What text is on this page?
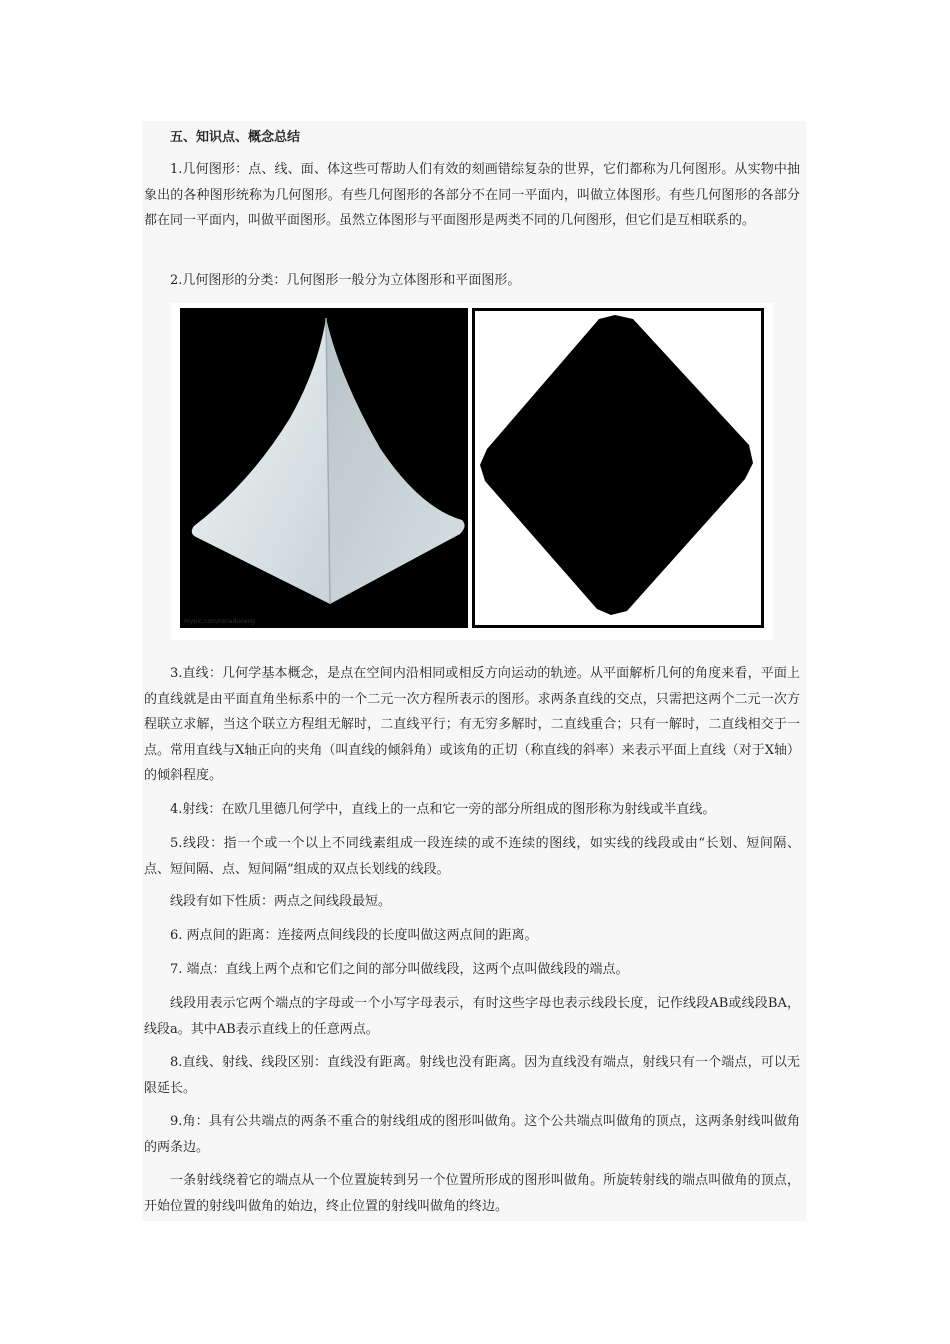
五、知识点、概念总结

1.几何图形：点、线、面、体这些可帮助人们有效的刻画错综复杂的世界，它们都称为几何图形。从实物中抽象出的各种图形统称为几何图形。有些几何图形的各部分不在同一平面内，叫做立体图形。有些几何图形的各部分都在同一平面内，叫做平面图形。虽然立体图形与平面图形是两类不同的几何图形，但它们是互相联系的。

2.几何图形的分类：几何图形一般分为立体图形和平面图形。

mypic.com/renaduoeng

3.直线：几何学基本概念，是点在空间内沿相同或相反方向运动的轨迹。从平面解析几何的角度来看，平面上的直线就是由平面直角坐标系中的一个二元一次方程所表示的图形。求两条直线的交点，只需把这两个二元一次方程联立求解，当这个联立方程组无解时，二直线平行；有无穷多解时，二直线重合；只有一解时，二直线相交于一点。常用直线与X轴正向的夹角（叫直线的倾斜角）或该角的正切（称直线的斜率）来表示平面上直线（对于X轴）的倾斜程度。

4.射线：在欧几里德几何学中，直线上的一点和它一旁的部分所组成的图形称为射线或半直线。

5.线段：指一个或一个以上不同线素组成一段连续的或不连续的图线，如实线的线段或由“长划、短间隔、点、短间隔、点、短间隔”组成的双点长划线的线段。

线段有如下性质：两点之间线段最短。

6. 两点间的距离：连接两点间线段的长度叫做这两点间的距离。

7. 端点：直线上两个点和它们之间的部分叫做线段，这两个点叫做线段的端点。

线段用表示它两个端点的字母或一个小写字母表示，有时这些字母也表示线段长度，记作线段AB或线段BA，线段a。其中AB表示直线上的任意两点。

8.直线、射线、线段区别：直线没有距离。射线也没有距离。因为直线没有端点，射线只有一个端点，可以无限延长。

9.角：具有公共端点的两条不重合的射线组成的图形叫做角。这个公共端点叫做角的顶点，这两条射线叫做角的两条边。

一条射线绕着它的端点从一个位置旋转到另一个位置所形成的图形叫做角。所旋转射线的端点叫做角的顶点，开始位置的射线叫做角的始边，终止位置的射线叫做角的终边。
